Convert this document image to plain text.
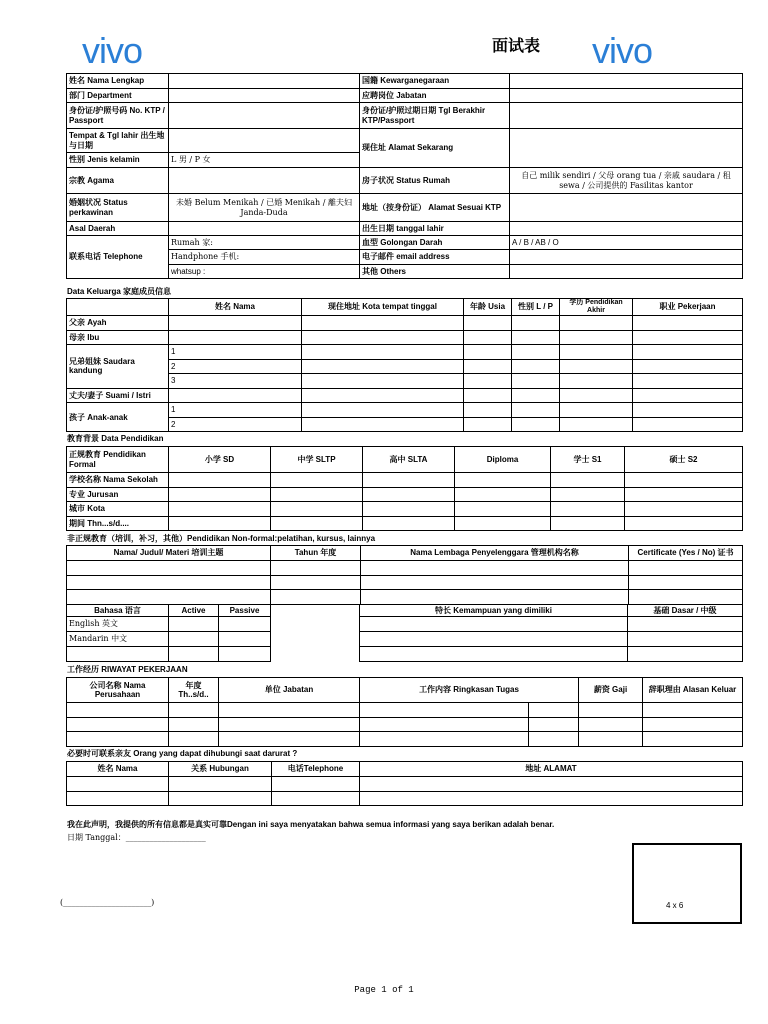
vivo	vivo
面试表
姓名 Nama Lengkap		国籍 Kewarganegaraan	
部门 Department		应聘岗位 Jabatan	
身份证/护照号码 No. KTP / Passport		身份证/护照过期日期 Tgl Berakhir KTP/Passport	
Tempat & Tgl lahir 出生地与日期		现住址 Alamat Sekarang	
性别 Jenis kelamin	L 男 / P 女		
宗教 Agama		房子状况 Status Rumah	自己 milik sendiri / 父母 orang tua / 亲戚 saudara / 租 sewa / 公司提供的 Fasilitas kantor
婚姻状况 Status perkawinan	未婚 Belum Menikah / 已婚 Menikah / 離夫妇 Janda-Duda	地址（按身份证） Alamat Sesuai KTP	
Asal Daerah		出生日期 tanggal lahir	
联系电话 Telephone	Rumah 家:	血型 Golongan Darah	A / B / AB / O
	Handphone 手机:	电子邮件 email address	
	whatsup :	其他 Others	
Data Keluarga 家庭成员信息
	姓名 Nama	现住地址 Kota tempat tinggal	年龄 Usia	性别 L / P	学历 Pendidikan Akhir	职业 Pekerjaan
父亲 Ayah						
母亲 Ibu						
兄弟姐妹 Saudara kandung	1					
	2					
	3					
丈夫/妻子 Suami / Istri						
孩子 Anak-anak	1					
	2					
教育背景 Data Pendidikan
正规教育 Pendidikan Formal	小学 SD	中学 SLTP	高中 SLTA	Diploma	学士 S1	硕士 S2
学校名称 Nama Sekolah						
专业 Jurusan						
城市 Kota						
期间 Thn...s/d....						
非正规教育（培训，补习，其他）Pendidikan Non-formal:pelatihan, kursus, lainnya
Nama/ Judul/ Materi 培训主题	Tahun 年度	Nama Lembaga Penyelenggara 管理机构名称	Certificate (Yes / No) 证书

Bahasa 语言	Active	Passive
English 英文		
Mandarin 中文		

特长 Kemampuan yang dimiliki	基础 Dasar / 中级

工作经历 RIWAYAT PEKERJAAN
公司名称 Nama Perusahaan	年度 Th..s/d..	单位 Jabatan	工作内容 Ringkasan Tugas		薪资 Gaji	辞职理由 Alasan Keluar

必要时可联系亲友 Orang yang dapat dihubungi saat darurat ?
姓名 Nama	关系 Hubungan	电话Telephone	地址 ALAMAT

我在此声明，我提供的所有信息都是真实可靠Dengan ini saya menyatakan bahwa semua informasi yang saya berikan adalah benar.
日期 Tanggal：____________________
(______________________)	4 x 6
Page 1 of 1
